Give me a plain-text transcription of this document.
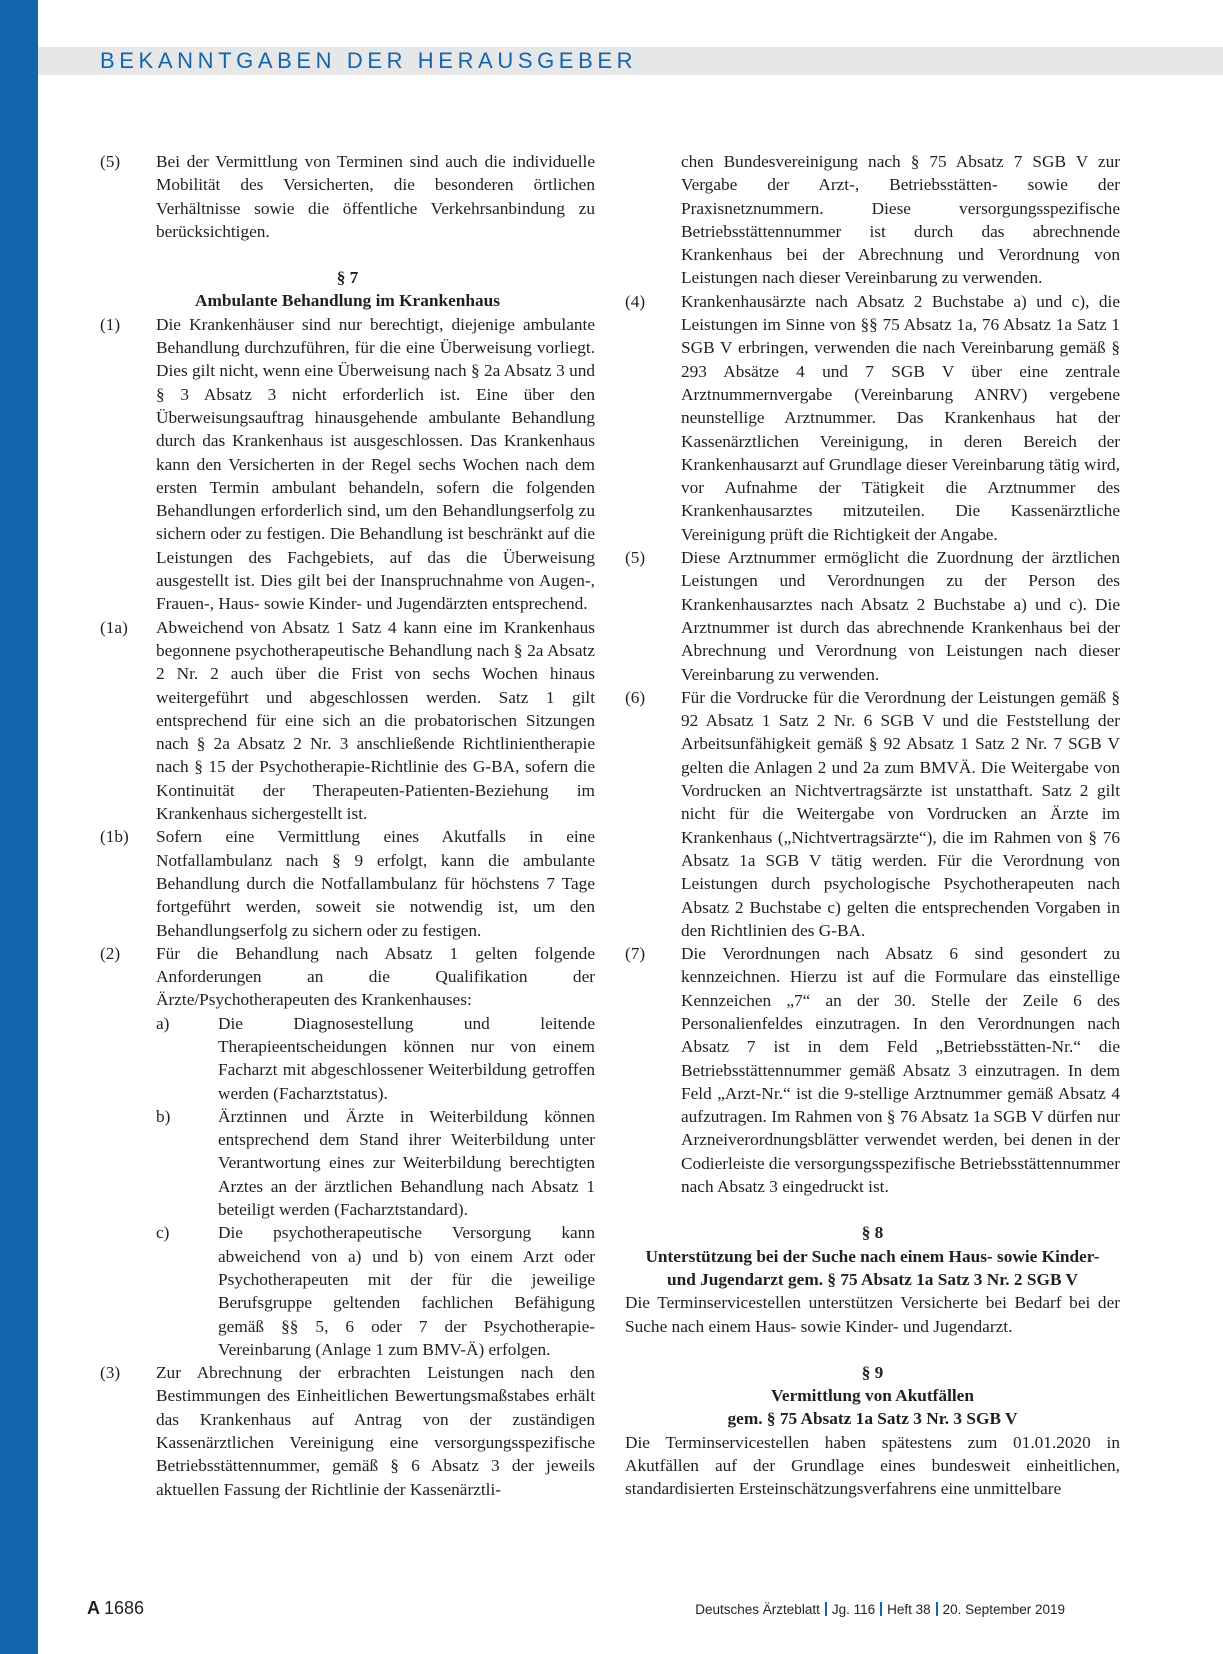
BEKANNTGABEN DER HERAUSGEBER
(5) Bei der Vermittlung von Terminen sind auch die individuelle Mobilität des Versicherten, die besonderen örtlichen Verhältnisse sowie die öffentliche Verkehrsanbindung zu berücksichtigen.
§ 7
Ambulante Behandlung im Krankenhaus
(1) Die Krankenhäuser sind nur berechtigt, diejenige ambulante Behandlung durchzuführen, für die eine Überweisung vorliegt. Dies gilt nicht, wenn eine Überweisung nach § 2a Absatz 3 und § 3 Absatz 3 nicht erforderlich ist. Eine über den Überweisungsauftrag hinausgehende ambulante Behandlung durch das Krankenhaus ist ausgeschlossen. Das Krankenhaus kann den Versicherten in der Regel sechs Wochen nach dem ersten Termin ambulant behandeln, sofern die folgenden Behandlungen erforderlich sind, um den Behandlungserfolg zu sichern oder zu festigen. Die Behandlung ist beschränkt auf die Leistungen des Fachgebiets, auf das die Überweisung ausgestellt ist. Dies gilt bei der Inanspruchnahme von Augen-, Frauen-, Haus- sowie Kinder- und Jugendärzten entsprechend.
(1a) Abweichend von Absatz 1 Satz 4 kann eine im Krankenhaus begonnene psychotherapeutische Behandlung nach § 2a Absatz 2 Nr. 2 auch über die Frist von sechs Wochen hinaus weitergeführt und abgeschlossen werden. Satz 1 gilt entsprechend für eine sich an die probatorischen Sitzungen nach § 2a Absatz 2 Nr. 3 anschließende Richtlinientherapie nach § 15 der Psychotherapie-Richtlinie des G-BA, sofern die Kontinuität der Therapeuten-Patienten-Beziehung im Krankenhaus sichergestellt ist.
(1b) Sofern eine Vermittlung eines Akutfalls in eine Notfallambulanz nach § 9 erfolgt, kann die ambulante Behandlung durch die Notfallambulanz für höchstens 7 Tage fortgeführt werden, soweit sie notwendig ist, um den Behandlungserfolg zu sichern oder zu festigen.
(2) Für die Behandlung nach Absatz 1 gelten folgende Anforderungen an die Qualifikation der Ärzte/Psychotherapeuten des Krankenhauses:
a)	Die Diagnosestellung und leitende Therapieentscheidungen können nur von einem Facharzt mit abgeschlossener Weiterbildung getroffen werden (Facharztstatus).
b)	Ärztinnen und Ärzte in Weiterbildung können entsprechend dem Stand ihrer Weiterbildung unter Verantwortung eines zur Weiterbildung berechtigten Arztes an der ärztlichen Behandlung nach Absatz 1 beteiligt werden (Facharztstandard).
c)	Die psychotherapeutische Versorgung kann abweichend von a) und b) von einem Arzt oder Psychotherapeuten mit der für die jeweilige Berufsgruppe geltenden fachlichen Befähigung gemäß §§ 5, 6 oder 7 der Psychotherapie-Vereinbarung (Anlage 1 zum BMV-Ä) erfolgen.
(3) Zur Abrechnung der erbrachten Leistungen nach den Bestimmungen des Einheitlichen Bewertungsmaßstabes erhält das Krankenhaus auf Antrag von der zuständigen Kassenärztlichen Vereinigung eine versorgungsspezifische Betriebsstättennummer, gemäß § 6 Absatz 3 der jeweils aktuellen Fassung der Richtlinie der Kassenärztli-
chen Bundesvereinigung nach § 75 Absatz 7 SGB V zur Vergabe der Arzt-, Betriebsstätten- sowie der Praxisnetznummern. Diese versorgungsspezifische Betriebsstättennummer ist durch das abrechnende Krankenhaus bei der Abrechnung und Verordnung von Leistungen nach dieser Vereinbarung zu verwenden.
(4) Krankenhausärzte nach Absatz 2 Buchstabe a) und c), die Leistungen im Sinne von §§ 75 Absatz 1a, 76 Absatz 1a Satz 1 SGB V erbringen, verwenden die nach Vereinbarung gemäß § 293 Absätze 4 und 7 SGB V über eine zentrale Arztnummernvergabe (Vereinbarung ANRV) vergebene neunstellige Arztnummer. Das Krankenhaus hat der Kassenärztlichen Vereinigung, in deren Bereich der Krankenhausarzt auf Grundlage dieser Vereinbarung tätig wird, vor Aufnahme der Tätigkeit die Arztnummer des Krankenhausarztes mitzuteilen. Die Kassenärztliche Vereinigung prüft die Richtigkeit der Angabe.
(5) Diese Arztnummer ermöglicht die Zuordnung der ärztlichen Leistungen und Verordnungen zu der Person des Krankenhausarztes nach Absatz 2 Buchstabe a) und c). Die Arztnummer ist durch das abrechnende Krankenhaus bei der Abrechnung und Verordnung von Leistungen nach dieser Vereinbarung zu verwenden.
(6) Für die Vordrucke für die Verordnung der Leistungen gemäß § 92 Absatz 1 Satz 2 Nr. 6 SGB V und die Feststellung der Arbeitsunfähigkeit gemäß § 92 Absatz 1 Satz 2 Nr. 7 SGB V gelten die Anlagen 2 und 2a zum BMVÄ. Die Weitergabe von Vordrucken an Nichtvertragsärzte ist unstatthaft. Satz 2 gilt nicht für die Weitergabe von Vordrucken an Ärzte im Krankenhaus („Nichtvertragsärzte“), die im Rahmen von § 76 Absatz 1a SGB V tätig werden. Für die Verordnung von Leistungen durch psychologische Psychotherapeuten nach Absatz 2 Buchstabe c) gelten die entsprechenden Vorgaben in den Richtlinien des G-BA.
(7) Die Verordnungen nach Absatz 6 sind gesondert zu kennzeichnen. Hierzu ist auf die Formulare das einstellige Kennzeichen „7“ an der 30. Stelle der Zeile 6 des Personalienfeldes einzutragen. In den Verordnungen nach Absatz 7 ist in dem Feld „Betriebsstätten-Nr.“ die Betriebsstättennummer gemäß Absatz 3 einzutragen. In dem Feld „Arzt-Nr.“ ist die 9-stellige Arztnummer gemäß Absatz 4 aufzutragen. Im Rahmen von § 76 Absatz 1a SGB V dürfen nur Arzneiverordnungsblätter verwendet werden, bei denen in der Codierleiste die versorgungsspezifische Betriebsstättennummer nach Absatz 3 eingedruckt ist.
§ 8
Unterstützung bei der Suche nach einem Haus- sowie Kinder-
und Jugendarzt gem. § 75 Absatz 1a Satz 3 Nr. 2 SGB V
Die Terminservicestellen unterstützen Versicherte bei Bedarf bei der Suche nach einem Haus- sowie Kinder- und Jugendarzt.
§ 9
Vermittlung von Akutfällen
gem. § 75 Absatz 1a Satz 3 Nr. 3 SGB V
Die Terminservicestellen haben spätestens zum 01.01.2020 in Akutfällen auf der Grundlage eines bundesweit einheitlichen, standardisierten Ersteinschätzungsverfahrens eine unmittelbare
A 1686	Deutsches Ärzteblatt Jg. 116 Heft 38 20. September 2019
